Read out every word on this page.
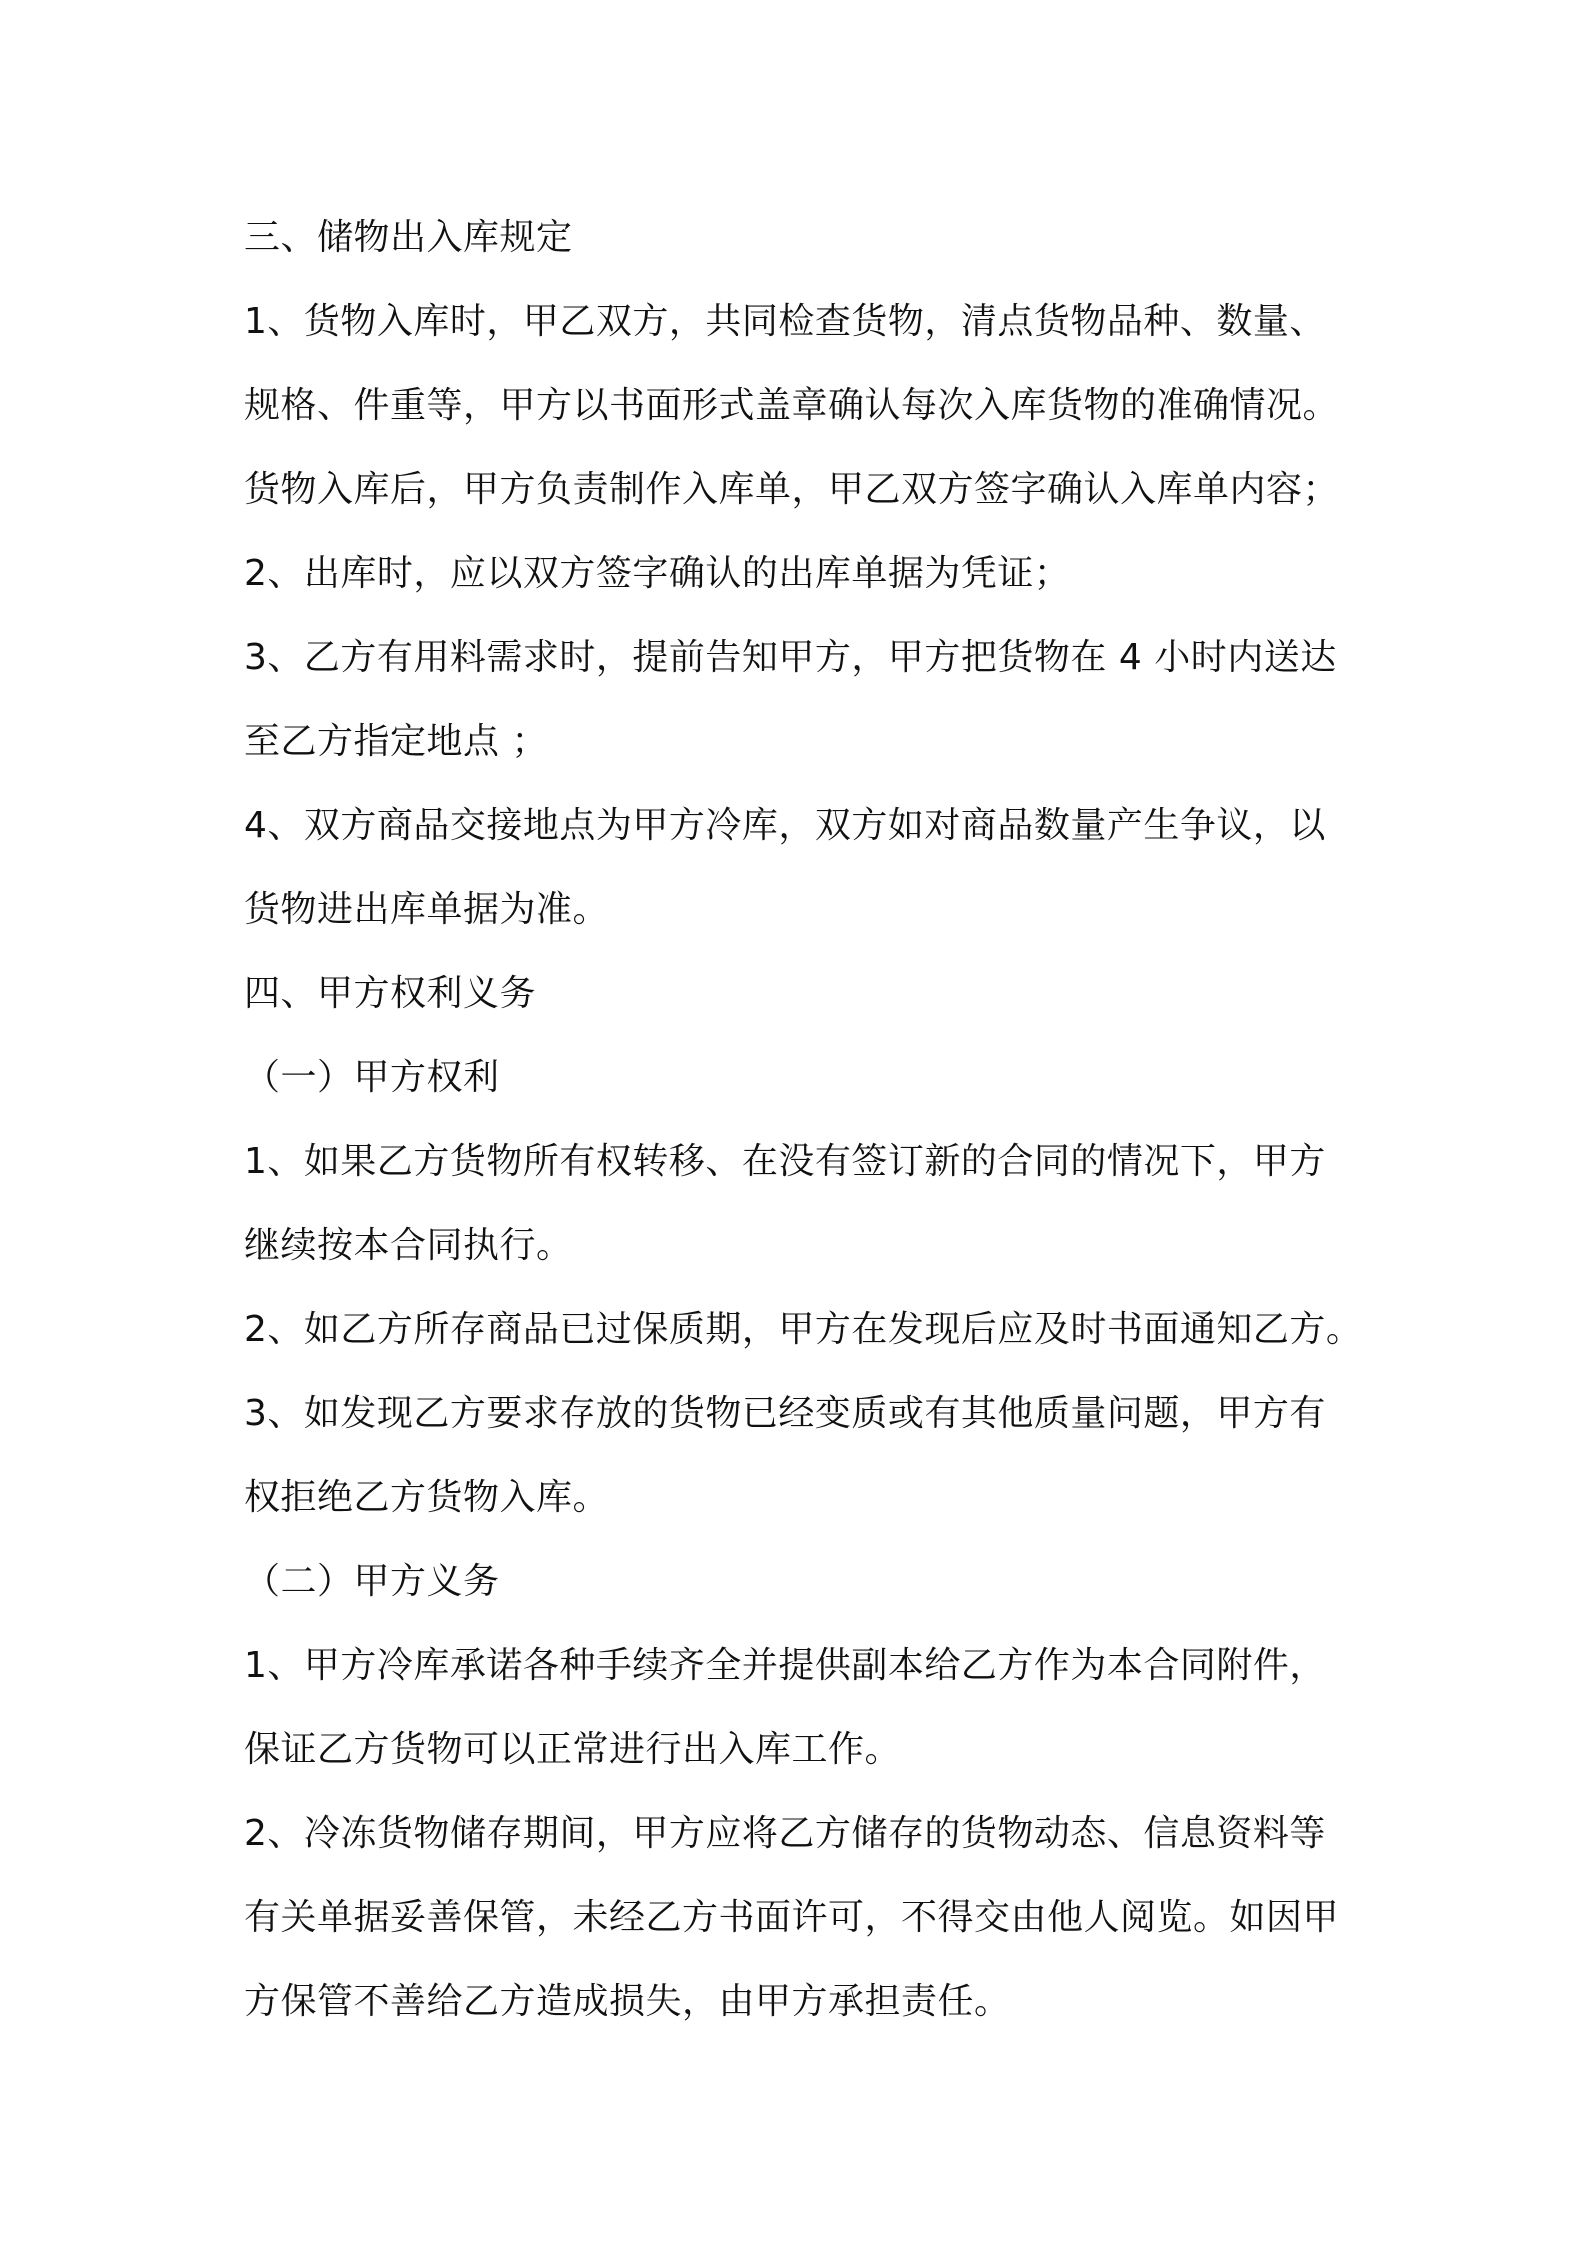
三、储物出入库规定
1、货物入库时，甲乙双方，共同检查货物，清点货物品种、数量、
规格、件重等，甲方以书面形式盖章确认每次入库货物的准确情况。
货物入库后，甲方负责制作入库单，甲乙双方签字确认入库单内容；
2、出库时，应以双方签字确认的出库单据为凭证；
3、乙方有用料需求时，提前告知甲方，甲方把货物在 4 小时内送达
至乙方指定地点 ；
4、双方商品交接地点为甲方冷库，双方如对商品数量产生争议，以
货物进出库单据为准。
四、甲方权利义务
（一）甲方权利
1、如果乙方货物所有权转移、在没有签订新的合同的情况下，甲方
继续按本合同执行。
2、如乙方所存商品已过保质期，甲方在发现后应及时书面通知乙方。
3、如发现乙方要求存放的货物已经变质或有其他质量问题，甲方有
权拒绝乙方货物入库。
（二）甲方义务
1、甲方冷库承诺各种手续齐全并提供副本给乙方作为本合同附件，
保证乙方货物可以正常进行出入库工作。
2、冷冻货物储存期间，甲方应将乙方储存的货物动态、信息资料等
有关单据妥善保管，未经乙方书面许可，不得交由他人阅览。如因甲
方保管不善给乙方造成损失，由甲方承担责任。
